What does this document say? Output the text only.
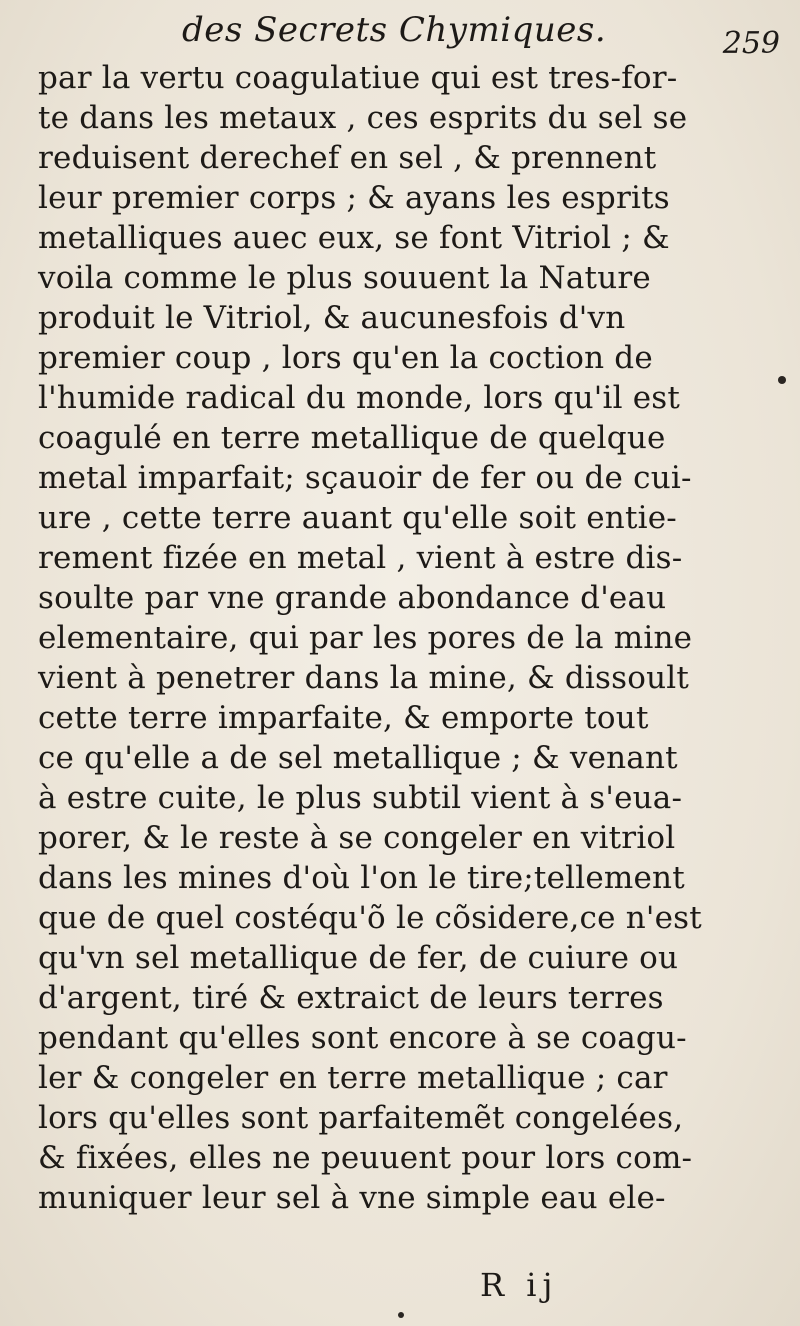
des Secrets Chymiques.	259
par la vertu coagulatiue qui est tres-for-
te dans les metaux , ces esprits du sel se
reduisent derechef en sel , & prennent
leur premier corps ; & ayans les esprits
metalliques auec eux, se font Vitriol ; &
voila comme le plus souuent la Nature
produit le Vitriol, & aucunesfois d'vn
premier coup , lors qu'en la coction de
l'humide radical du monde, lors qu'il est
coagulé en terre metallique de quelque
metal imparfait; sçauoir de fer ou de cui-
ure , cette terre auant qu'elle soit entie-
rement fizée en metal , vient à estre dis-
soulte par vne grande abondance d'eau
elementaire, qui par les pores de la mine
vient à penetrer dans la mine, & dissoult
cette terre imparfaite, & emporte tout
ce qu'elle a de sel metallique ; & venant
à estre cuite, le plus subtil vient à s'eua-
porer, & le reste à se congeler en vitriol
dans les mines d'où l'on le tire;tellement
que de quel costéqu'õ le cõsidere,ce n'est
qu'vn sel metallique de fer, de cuiure ou
d'argent, tiré & extraict de leurs terres
pendant qu'elles sont encore à se coagu-
ler & congeler en terre metallique ; car
lors qu'elles sont parfaitemẽt congelées,
& fixées, elles ne peuuent pour lors com-
muniquer leur sel à vne simple eau ele-
R ij
